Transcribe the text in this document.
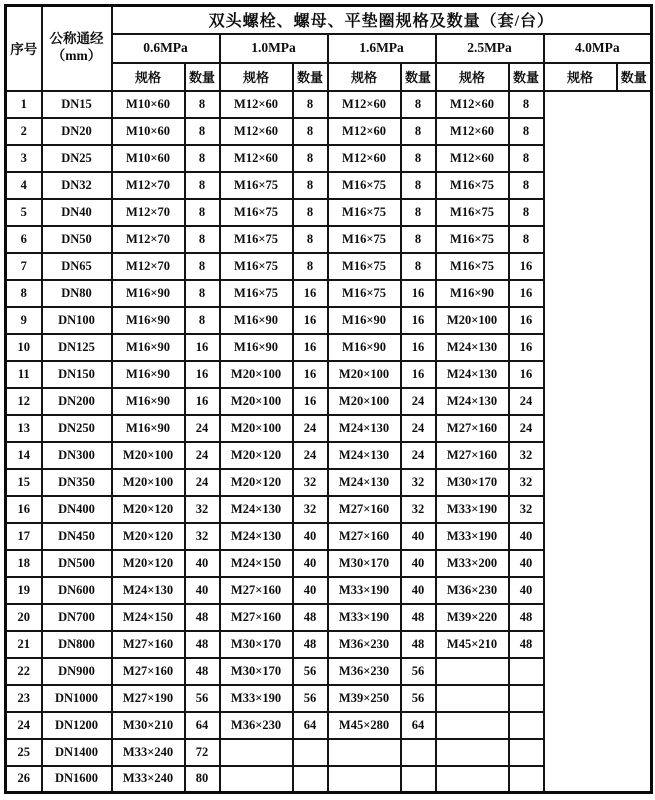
序号	公称通经
（mm）	双头螺栓、螺母、平垫圈规格及数量（套/台）									
		0.6MPa		1.0MPa		1.6MPa		2.5MPa		4.0MPa	
		规格	数量	规格	数量	规格	数量	规格	数量	规格	数量
1	DN15	M10×60	8	M12×60	8	M12×60	8	M12×60	8		
2	DN20	M10×60	8	M12×60	8	M12×60	8	M12×60	8		
3	DN25	M10×60	8	M12×60	8	M12×60	8	M12×60	8		
4	DN32	M12×70	8	M16×75	8	M16×75	8	M16×75	8		
5	DN40	M12×70	8	M16×75	8	M16×75	8	M16×75	8		
6	DN50	M12×70	8	M16×75	8	M16×75	8	M16×75	8		
7	DN65	M12×70	8	M16×75	8	M16×75	8	M16×75	16		
8	DN80	M16×90	8	M16×75	16	M16×75	16	M16×90	16		
9	DN100	M16×90	8	M16×90	16	M16×90	16	M20×100	16		
10	DN125	M16×90	16	M16×90	16	M16×90	16	M24×130	16		
11	DN150	M16×90	16	M20×100	16	M20×100	16	M24×130	16		
12	DN200	M16×90	16	M20×100	16	M20×100	24	M24×130	24		
13	DN250	M16×90	24	M20×100	24	M24×130	24	M27×160	24		
14	DN300	M20×100	24	M20×120	24	M24×130	24	M27×160	32		
15	DN350	M20×100	24	M20×120	32	M24×130	32	M30×170	32		
16	DN400	M20×120	32	M24×130	32	M27×160	32	M33×190	32		
17	DN450	M20×120	32	M24×130	40	M27×160	40	M33×190	40		
18	DN500	M20×120	40	M24×150	40	M30×170	40	M33×200	40		
19	DN600	M24×130	40	M27×160	40	M33×190	40	M36×230	40		
20	DN700	M24×150	48	M27×160	48	M33×190	48	M39×220	48		
21	DN800	M27×160	48	M30×170	48	M36×230	48	M45×210	48		
22	DN900	M27×160	48	M30×170	56	M36×230	56				
23	DN1000	M27×190	56	M33×190	56	M39×250	56				
24	DN1200	M30×210	64	M36×230	64	M45×280	64				
25	DN1400	M33×240	72								
26	DN1600	M33×240	80								
